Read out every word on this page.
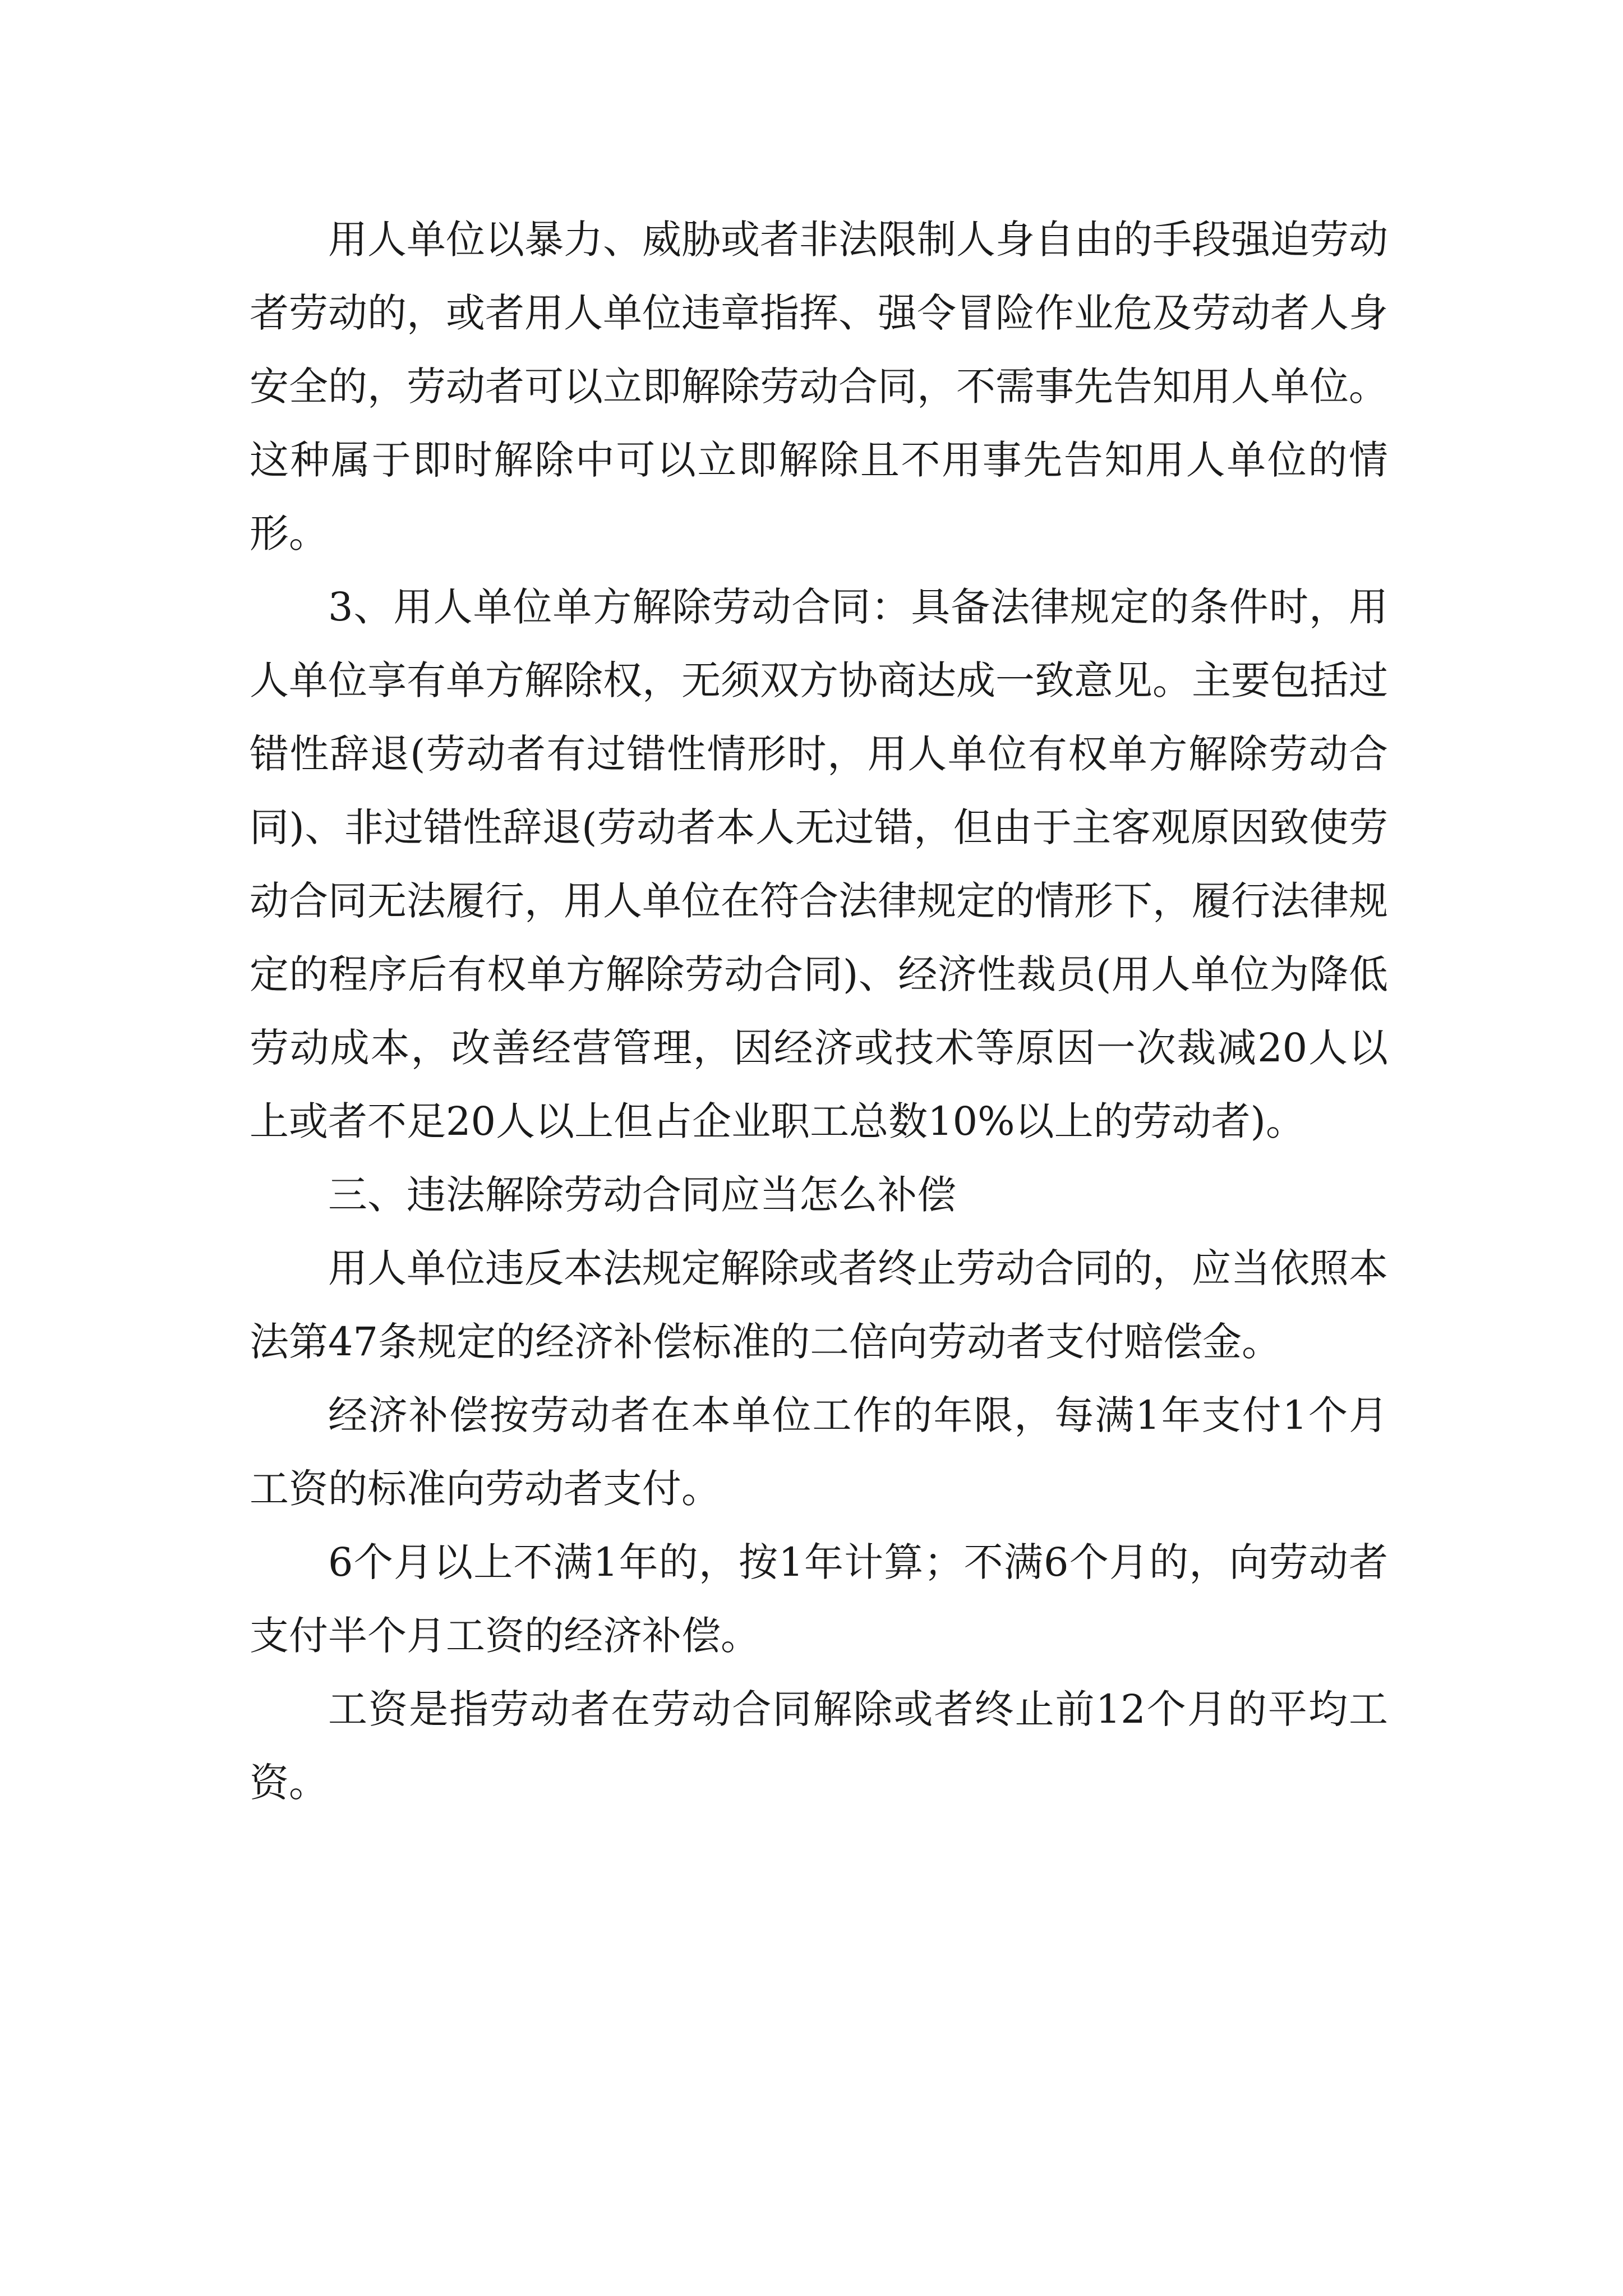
用人单位以暴力、威胁或者非法限制人身自由的手段强迫劳动者劳动的，或者用人单位违章指挥、强令冒险作业危及劳动者人身安全的，劳动者可以立即解除劳动合同，不需事先告知用人单位。这种属于即时解除中可以立即解除且不用事先告知用人单位的情形。

3、用人单位单方解除劳动合同：具备法律规定的条件时，用人单位享有单方解除权，无须双方协商达成一致意见。主要包括过错性辞退(劳动者有过错性情形时，用人单位有权单方解除劳动合同)、非过错性辞退(劳动者本人无过错，但由于主客观原因致使劳动合同无法履行，用人单位在符合法律规定的情形下，履行法律规定的程序后有权单方解除劳动合同)、经济性裁员(用人单位为降低劳动成本，改善经营管理，因经济或技术等原因一次裁减20人以上或者不足20人以上但占企业职工总数10%以上的劳动者)。

三、违法解除劳动合同应当怎么补偿

用人单位违反本法规定解除或者终止劳动合同的，应当依照本法第47条规定的经济补偿标准的二倍向劳动者支付赔偿金。

经济补偿按劳动者在本单位工作的年限，每满1年支付1个月工资的标准向劳动者支付。

6个月以上不满1年的，按1年计算；不满6个月的，向劳动者支付半个月工资的经济补偿。

工资是指劳动者在劳动合同解除或者终止前12个月的平均工资。
